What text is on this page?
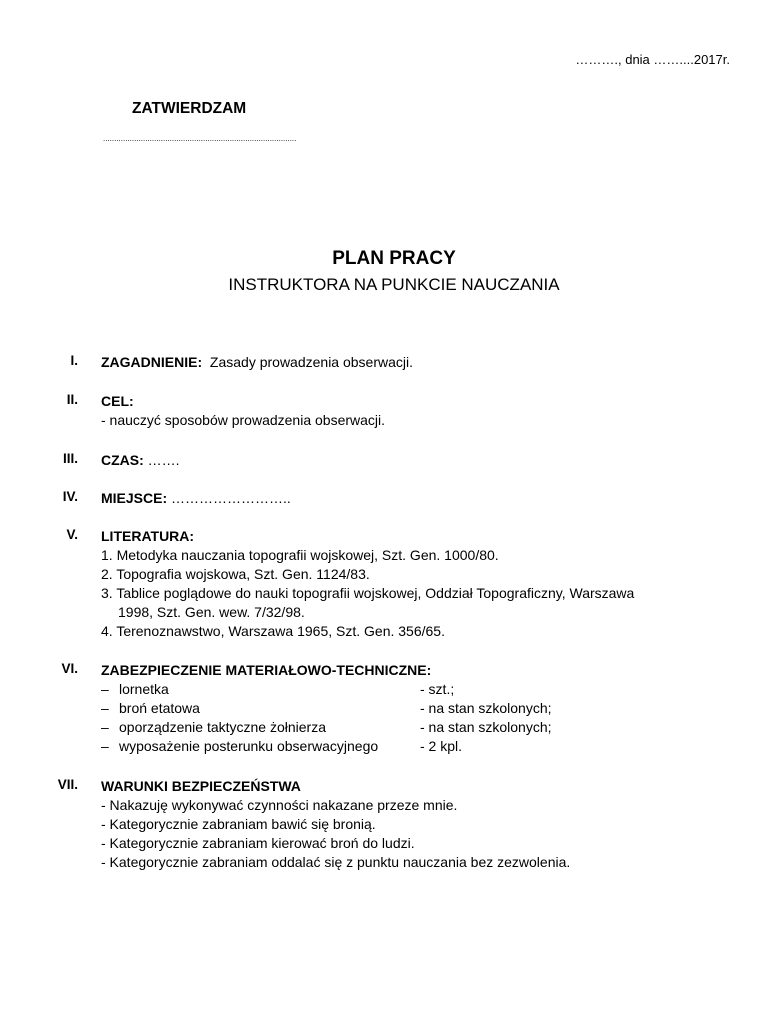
………., dnia ……....2017r.
ZATWIERDZAM
.......................................................................................
PLAN PRACY
INSTRUKTORA NA PUNKCIE NAUCZANIA
I. ZAGADNIENIE: Zasady prowadzenia obserwacji.
II. CEL:
- nauczyć sposobów prowadzenia obserwacji.
III. CZAS: …….
IV. MIEJSCE: ……………………..
V. LITERATURA:
1. Metodyka nauczania topografii wojskowej, Szt. Gen. 1000/80.
2. Topografia wojskowa, Szt. Gen. 1124/83.
3. Tablice poglądowe do nauki topografii wojskowej, Oddział Topograficzny, Warszawa
1998, Szt. Gen. wew. 7/32/98.
4. Terenoznawstwo, Warszawa 1965, Szt. Gen. 356/65.
VI. ZABEZPIECZENIE MATERIAŁOWO-TECHNICZNE:
– lornetka	- szt.;
– broń etatowa	- na stan szkolonych;
– oporządzenie taktyczne żołnierza	- na stan szkolonych;
– wyposażenie posterunku obserwacyjnego	- 2 kpl.
VII. WARUNKI BEZPIECZEŃSTWA
- Nakazuję wykonywać czynności nakazane przeze mnie.
- Kategorycznie zabraniam bawić się bronią.
- Kategorycznie zabraniam kierować broń do ludzi.
- Kategorycznie zabraniam oddalać się z punktu nauczania bez zezwolenia.
